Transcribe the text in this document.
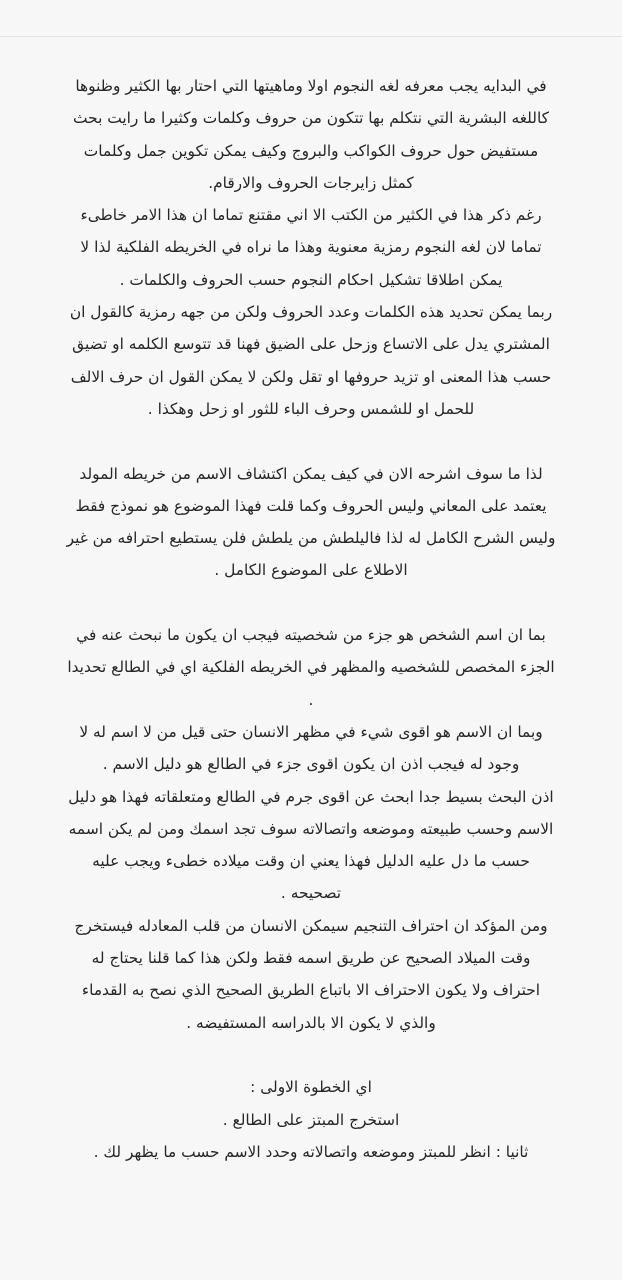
في البدايه يجب معرفه لغه النجوم اولا وماهيتها التي احتار بها الكثير وظنوها

كاللغه البشرية التي نتكلم بها تتكون من حروف وكلمات وكثيرا ما رايت بحث

مستفيض حول حروف الكواكب والبروج وكيف يمكن تكوين جمل وكلمات

كمثل زايرجات الحروف والارقام.

رغم ذكر هذا في الكثير من الكتب الا اني مقتنع تماما ان هذا الامر خاطىء

تماما لان لغه النجوم رمزية معنوية وهذا ما نراه في الخريطه الفلكية لذا لا

يمكن اطلاقا تشكيل احكام النجوم حسب الحروف والكلمات .

ربما يمكن تحديد هذه الكلمات وعدد الحروف ولكن من جهه رمزية كالقول ان

المشتري يدل على الاتساع وزحل على الضيق فهنا قد تتوسع الكلمه او تضيق

حسب هذا المعنى او تزيد حروفها او تقل ولكن لا يمكن القول ان حرف الالف

للحمل او للشمس وحرف الباء للثور او زحل وهكذا .

لذا ما سوف اشرحه الان في كيف يمكن اكتشاف الاسم من خريطه المولد

يعتمد على المعاني وليس الحروف وكما قلت فهذا الموضوع هو نموذج فقط

وليس الشرح الكامل له لذا فاليلطش من يلطش فلن يستطيع احترافه من غير

الاطلاع على الموضوع الكامل .

بما ان اسم الشخص هو جزء من شخصيته فيجب ان يكون ما نبحث عنه في

الجزء المخصص للشخصيه والمظهر في الخريطه الفلكية اي في الطالع تحديدا

.

وبما ان الاسم هو اقوى شيء في مظهر الانسان حتى قيل من لا اسم له لا

وجود له فيجب اذن ان يكون اقوى جزء في الطالع هو دليل الاسم .

اذن البحث بسيط جدا ابحث عن اقوى جرم في الطالع ومتعلقاته فهذا هو دليل

الاسم وحسب طبيعته وموضعه واتصالاته سوف تجد اسمك ومن لم يكن اسمه

حسب ما دل عليه الدليل فهذا يعني ان وقت ميلاده خطىء ويجب عليه

تصحيحه .

ومن المؤكد ان احتراف التنجيم سيمكن الانسان من قلب المعادله فيستخرج

وقت الميلاد الصحيح عن طريق اسمه فقط ولكن هذا كما قلنا يحتاج له

احتراف ولا يكون الاحتراف الا باتباع الطريق الصحيح الذي نصح به القدماء

والذي لا يكون الا بالدراسه المستفيضه .

اي الخطوة الاولى :

استخرج المبتز على الطالع .

ثانيا : انظر للمبتز وموضعه واتصالاته وحدد الاسم حسب ما يظهر لك .
